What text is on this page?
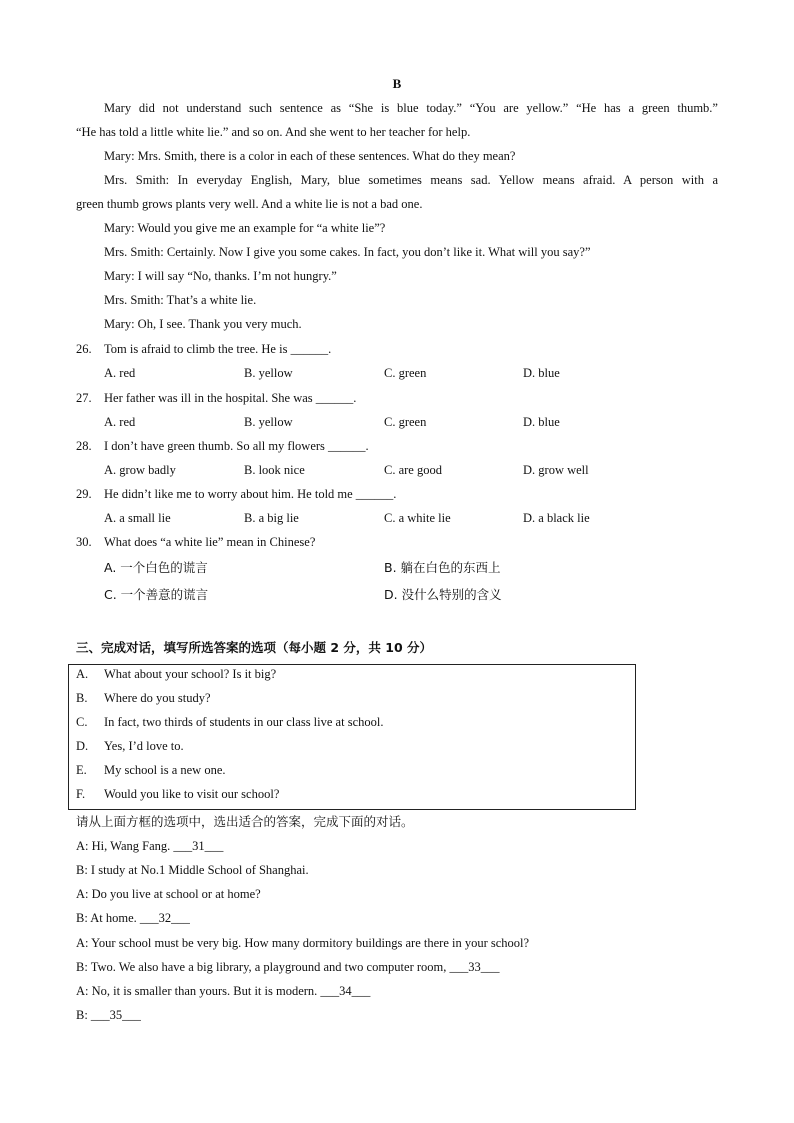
B
Mary did not understand such sentence as “She is blue today.” “You are yellow.” “He has a green thumb.”
“He has told a little white lie.” and so on. And she went to her teacher for help.
Mary: Mrs. Smith, there is a color in each of these sentences. What do they mean?
Mrs. Smith: In everyday English, Mary, blue sometimes means sad. Yellow means afraid. A person with a
green thumb grows plants very well. And a white lie is not a bad one.
Mary: Would you give me an example for “a white lie”?
Mrs. Smith: Certainly. Now I give you some cakes. In fact, you don’t like it. What will you say?”
Mary: I will say “No, thanks. I’m not hungry.”
Mrs. Smith: That’s a white lie.
Mary: Oh, I see. Thank you very much.
26. Tom is afraid to climb the tree. He is ______.
A. red	B. yellow	C. green	D. blue
27. Her father was ill in the hospital. She was ______.
A. red	B. yellow	C. green	D. blue
28. I don’t have green thumb. So all my flowers ______.
A. grow badly	B. look nice	C. are good	D. grow well
29. He didn’t like me to worry about him. He told me ______.
A. a small lie	B. a big lie	C. a white lie	D. a black lie
30. What does “a white lie” mean in Chinese?
A. 一个白色的谎言	B. 躺在白色的东西上
C. 一个善意的谎言	D. 没什么特别的含义
三、完成对话，填写所选答案的选项（每小题 2 分，共 10 分）
A. What about your school? Is it big?
B. Where do you study?
C. In fact, two thirds of students in our class live at school.
D. Yes, I’d love to.
E. My school is a new one.
F. Would you like to visit our school?
请从上面方框的选项中，选出适合的答案，完成下面的对话。
A: Hi, Wang Fang. ___31___
B: I study at No.1 Middle School of Shanghai.
A: Do you live at school or at home?
B: At home. ___32___
A: Your school must be very big. How many dormitory buildings are there in your school?
B: Two. We also have a big library, a playground and two computer room, ___33___
A: No, it is smaller than yours. But it is modern. ___34___
B: ___35___
